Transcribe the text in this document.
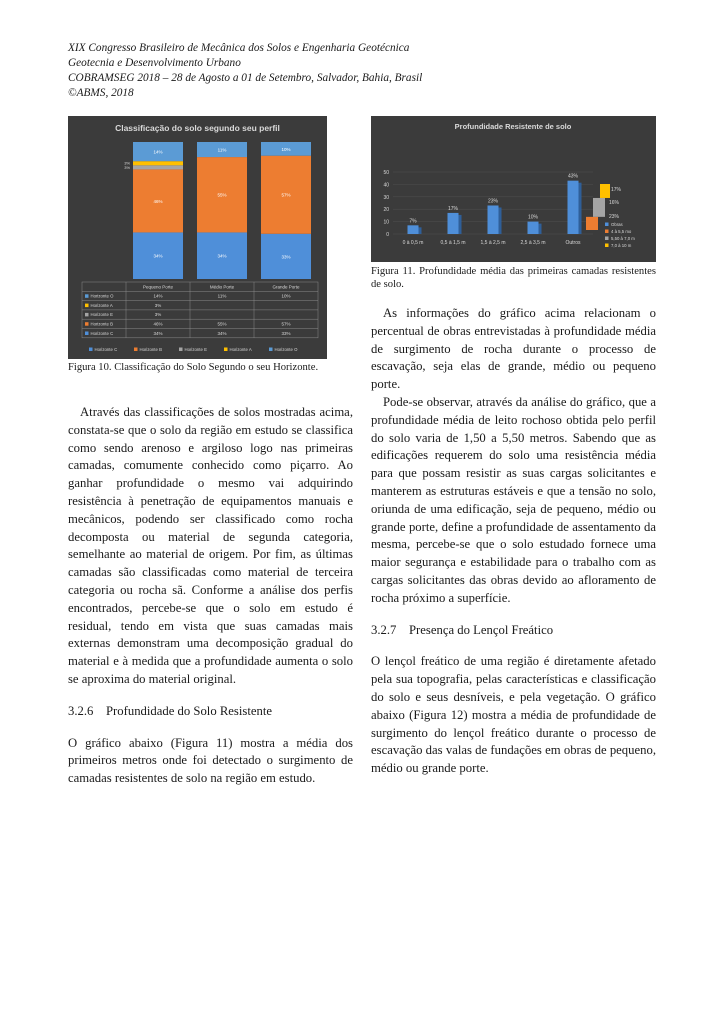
XIX Congresso Brasileiro de Mecânica dos Solos e Engenharia Geotécnica
Geotecnia e Desenvolvimento Urbano
COBRAMSEG 2018 – 28 de Agosto a 01 de Setembro, Salvador, Bahia, Brasil
©ABMS, 2018
Classificação do solo segundo seu perfil
34%
46%
3%
3%
14%
34%
55%
11%
33%
57%
10%
Pequeno Porte	Médio Porte	Grande Porte
Horizonte O	14%	11%	10%
Horizonte A	3%
Horizonte E	3%
Horizonte B	46%	55%	57%
Horizonte C	34%	34%	33%
Horizonte C	Horizonte B	Horizonte E	Horizonte A	Horizonte O
Figura 10. Classificação do Solo Segundo o seu Horizonte.
Profundidade Resistente de solo
0
10
20
30
40
50
7%
0 à 0,5 m
17%
0,5 à 1,5 m
23%
1,5 à 2,5 m
10%
2,5 à 3,5 m
43%
Outros
16%
23%
17%
Obras
4 à 5,5 mo
5,50 à 7,0 m
7,0 à 10 m
Figura 11. Profundidade média das primeiras camadas resistentes de solo.

Através das classificações de solos mostradas acima, constata-se que o solo da região em estudo se classifica como sendo arenoso e argiloso logo nas primeiras camadas, comumente conhecido como piçarro. Ao ganhar profundidade o mesmo vai adquirindo resistência à penetração de equipamentos manuais e mecânicos, podendo ser classificado como rocha decomposta ou material de segunda categoria, semelhante ao material de origem. Por fim, as últimas camadas são classificadas como material de terceira categoria ou rocha sã. Conforme a análise dos perfis encontrados, percebe-se que o solo em estudo é residual, tendo em vista que suas camadas mais externas demonstram uma decomposição gradual do material e à medida que a profundidade aumenta o solo se aproxima do material original.

3.2.6 Profundidade do Solo Resistente

O gráfico abaixo (Figura 11) mostra a média dos primeiros metros onde foi detectado o surgimento de camadas resistentes de solo na região em estudo.

As informações do gráfico acima relacionam o percentual de obras entrevistadas à profundidade média de surgimento de rocha durante o processo de escavação, seja elas de grande, médio ou pequeno porte.

Pode-se observar, através da análise do gráfico, que a profundidade média de leito rochoso obtida pelo perfil do solo varia de 1,50 a 5,50 metros. Sabendo que as edificações requerem do solo uma resistência média para que possam resistir as suas cargas solicitantes e manterem as estruturas estáveis e que a tensão no solo, oriunda de uma edificação, seja de pequeno, médio ou grande porte, define a profundidade de assentamento da mesma, percebe-se que o solo estudado fornece uma maior segurança e estabilidade para o trabalho com as cargas solicitantes das obras devido ao afloramento de rocha próximo a superfície.

3.2.7 Presença do Lençol Freático

O lençol freático de uma região é diretamente afetado pela sua topografia, pelas características e classificação do solo e seus desníveis, e pela vegetação. O gráfico abaixo (Figura 12) mostra a média de profundidade de surgimento do lençol freático durante o processo de escavação das valas de fundações em obras de pequeno, médio ou grande porte.
